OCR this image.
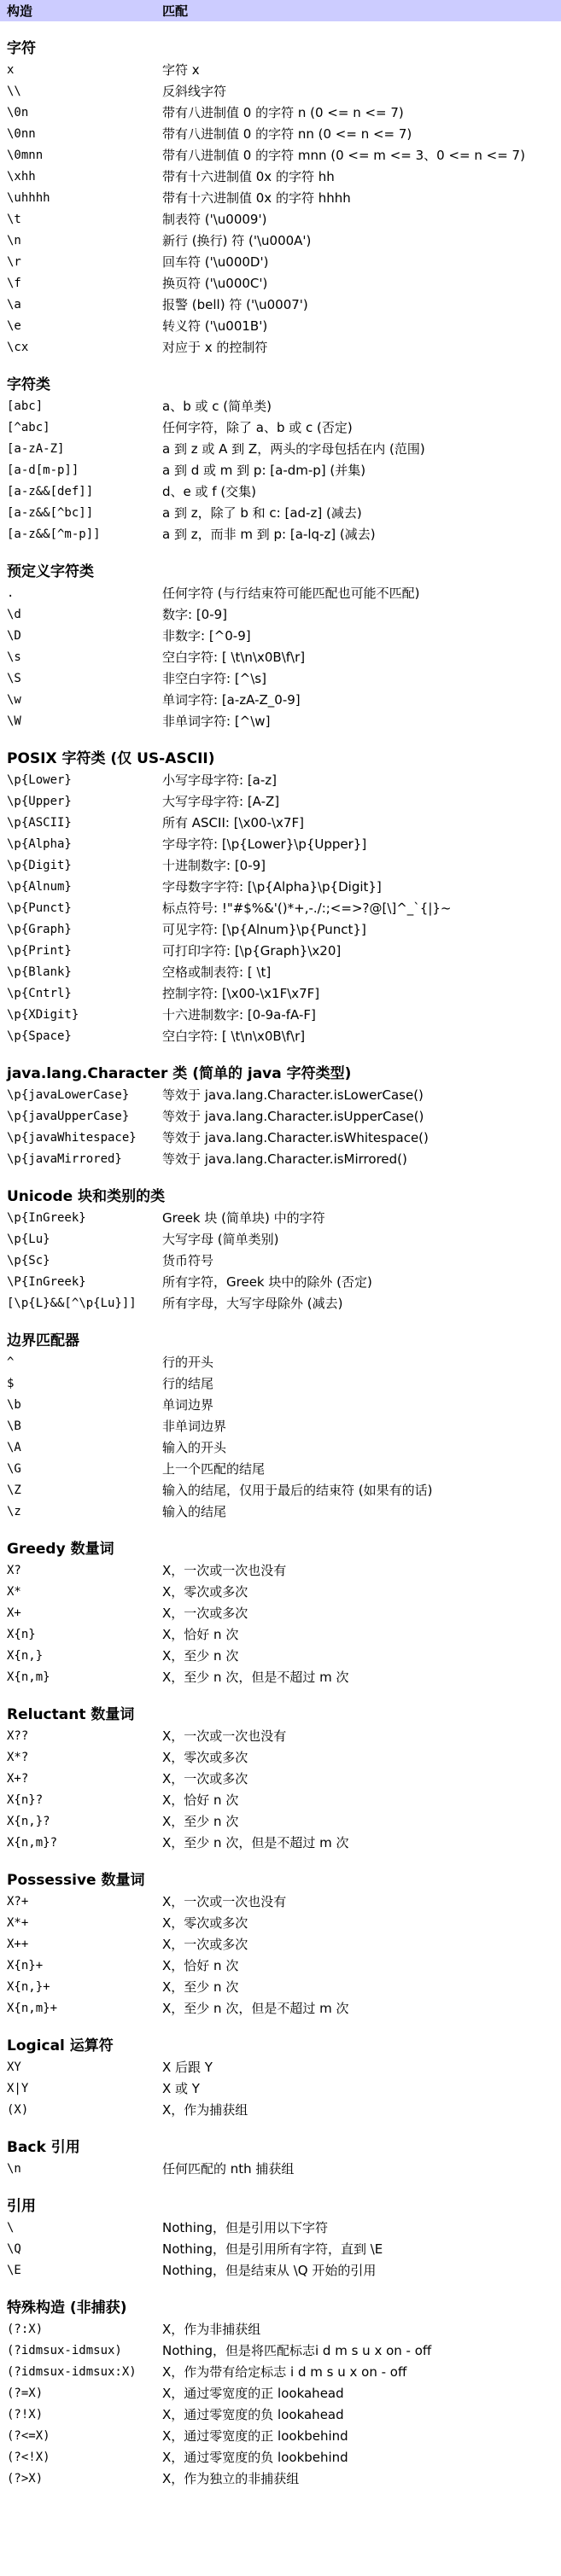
构造	匹配
字符
x	字符 x
\\	反斜线字符
\0n	带有八进制值 0 的字符 n (0 <= n <= 7)
\0nn	带有八进制值 0 的字符 nn (0 <= n <= 7)
\0mnn	带有八进制值 0 的字符 mnn (0 <= m <= 3、0 <= n <= 7)
\xhh	带有十六进制值 0x 的字符 hh
\uhhhh	带有十六进制值 0x 的字符 hhhh
\t	制表符 ('\u0009')
\n	新行 (换行) 符 ('\u000A')
\r	回车符 ('\u000D')
\f	换页符 ('\u000C')
\a	报警 (bell) 符 ('\u0007')
\e	转义符 ('\u001B')
\cx	对应于 x 的控制符
字符类
[abc]	a、b 或 c (简单类)
[^abc]	任何字符，除了 a、b 或 c (否定)
[a-zA-Z]	a 到 z 或 A 到 Z，两头的字母包括在内 (范围)
[a-d[m-p]]	a 到 d 或 m 到 p: [a-dm-p] (并集)
[a-z&&[def]]	d、e 或 f (交集)
[a-z&&[^bc]]	a 到 z，除了 b 和 c: [ad-z] (减去)
[a-z&&[^m-p]]	a 到 z，而非 m 到 p: [a-lq-z] (减去)
预定义字符类
.	任何字符 (与行结束符可能匹配也可能不匹配)
\d	数字: [0-9]
\D	非数字: [^0-9]
\s	空白字符: [ \t\n\x0B\f\r]
\S	非空白字符: [^\s]
\w	单词字符: [a-zA-Z_0-9]
\W	非单词字符: [^\w]
POSIX 字符类 (仅 US-ASCII)
\p{Lower}	小写字母字符: [a-z]
\p{Upper}	大写字母字符: [A-Z]
\p{ASCII}	所有 ASCII: [\x00-\x7F]
\p{Alpha}	字母字符: [\p{Lower}\p{Upper}]
\p{Digit}	十进制数字: [0-9]
\p{Alnum}	字母数字字符: [\p{Alpha}\p{Digit}]
\p{Punct}	标点符号: !"#$%&'()*+,-./:;<=>?@[\]^_`{|}~
\p{Graph}	可见字符: [\p{Alnum}\p{Punct}]
\p{Print}	可打印字符: [\p{Graph}\x20]
\p{Blank}	空格或制表符: [ \t]
\p{Cntrl}	控制字符: [\x00-\x1F\x7F]
\p{XDigit}	十六进制数字: [0-9a-fA-F]
\p{Space}	空白字符: [ \t\n\x0B\f\r]
java.lang.Character 类 (简单的 java 字符类型)
\p{javaLowerCase}	等效于 java.lang.Character.isLowerCase()
\p{javaUpperCase}	等效于 java.lang.Character.isUpperCase()
\p{javaWhitespace}	等效于 java.lang.Character.isWhitespace()
\p{javaMirrored}	等效于 java.lang.Character.isMirrored()
Unicode 块和类别的类
\p{InGreek}	Greek 块 (简单块) 中的字符
\p{Lu}	大写字母 (简单类别)
\p{Sc}	货币符号
\P{InGreek}	所有字符，Greek 块中的除外 (否定)
[\p{L}&&[^\p{Lu}]]	所有字母，大写字母除外 (减去)
边界匹配器
^	行的开头
$	行的结尾
\b	单词边界
\B	非单词边界
\A	输入的开头
\G	上一个匹配的结尾
\Z	输入的结尾，仅用于最后的结束符 (如果有的话)
\z	输入的结尾
Greedy 数量词
X?	X，一次或一次也没有
X*	X，零次或多次
X+	X，一次或多次
X{n}	X，恰好 n 次
X{n,}	X，至少 n 次
X{n,m}	X，至少 n 次，但是不超过 m 次
Reluctant 数量词
X??	X，一次或一次也没有
X*?	X，零次或多次
X+?	X，一次或多次
X{n}?	X，恰好 n 次
X{n,}?	X，至少 n 次
X{n,m}?	X，至少 n 次，但是不超过 m 次
Possessive 数量词
X?+	X，一次或一次也没有
X*+	X，零次或多次
X++	X，一次或多次
X{n}+	X，恰好 n 次
X{n,}+	X，至少 n 次
X{n,m}+	X，至少 n 次，但是不超过 m 次
Logical 运算符
XY	X 后跟 Y
X|Y	X 或 Y
(X)	X，作为捕获组
Back 引用
\n	任何匹配的 nth 捕获组
引用
\	Nothing，但是引用以下字符
\Q	Nothing，但是引用所有字符，直到 \E
\E	Nothing，但是结束从 \Q 开始的引用
特殊构造 (非捕获)
(?:X)	X，作为非捕获组
(?idmsux-idmsux)	Nothing，但是将匹配标志i d m s u x on - off
(?idmsux-idmsux:X)	X，作为带有给定标志 i d m s u x on - off
(?=X)	X，通过零宽度的正 lookahead
(?!X)	X，通过零宽度的负 lookahead
(?<=X)	X，通过零宽度的正 lookbehind
(?<!X)	X，通过零宽度的负 lookbehind
(?>X)	X，作为独立的非捕获组
